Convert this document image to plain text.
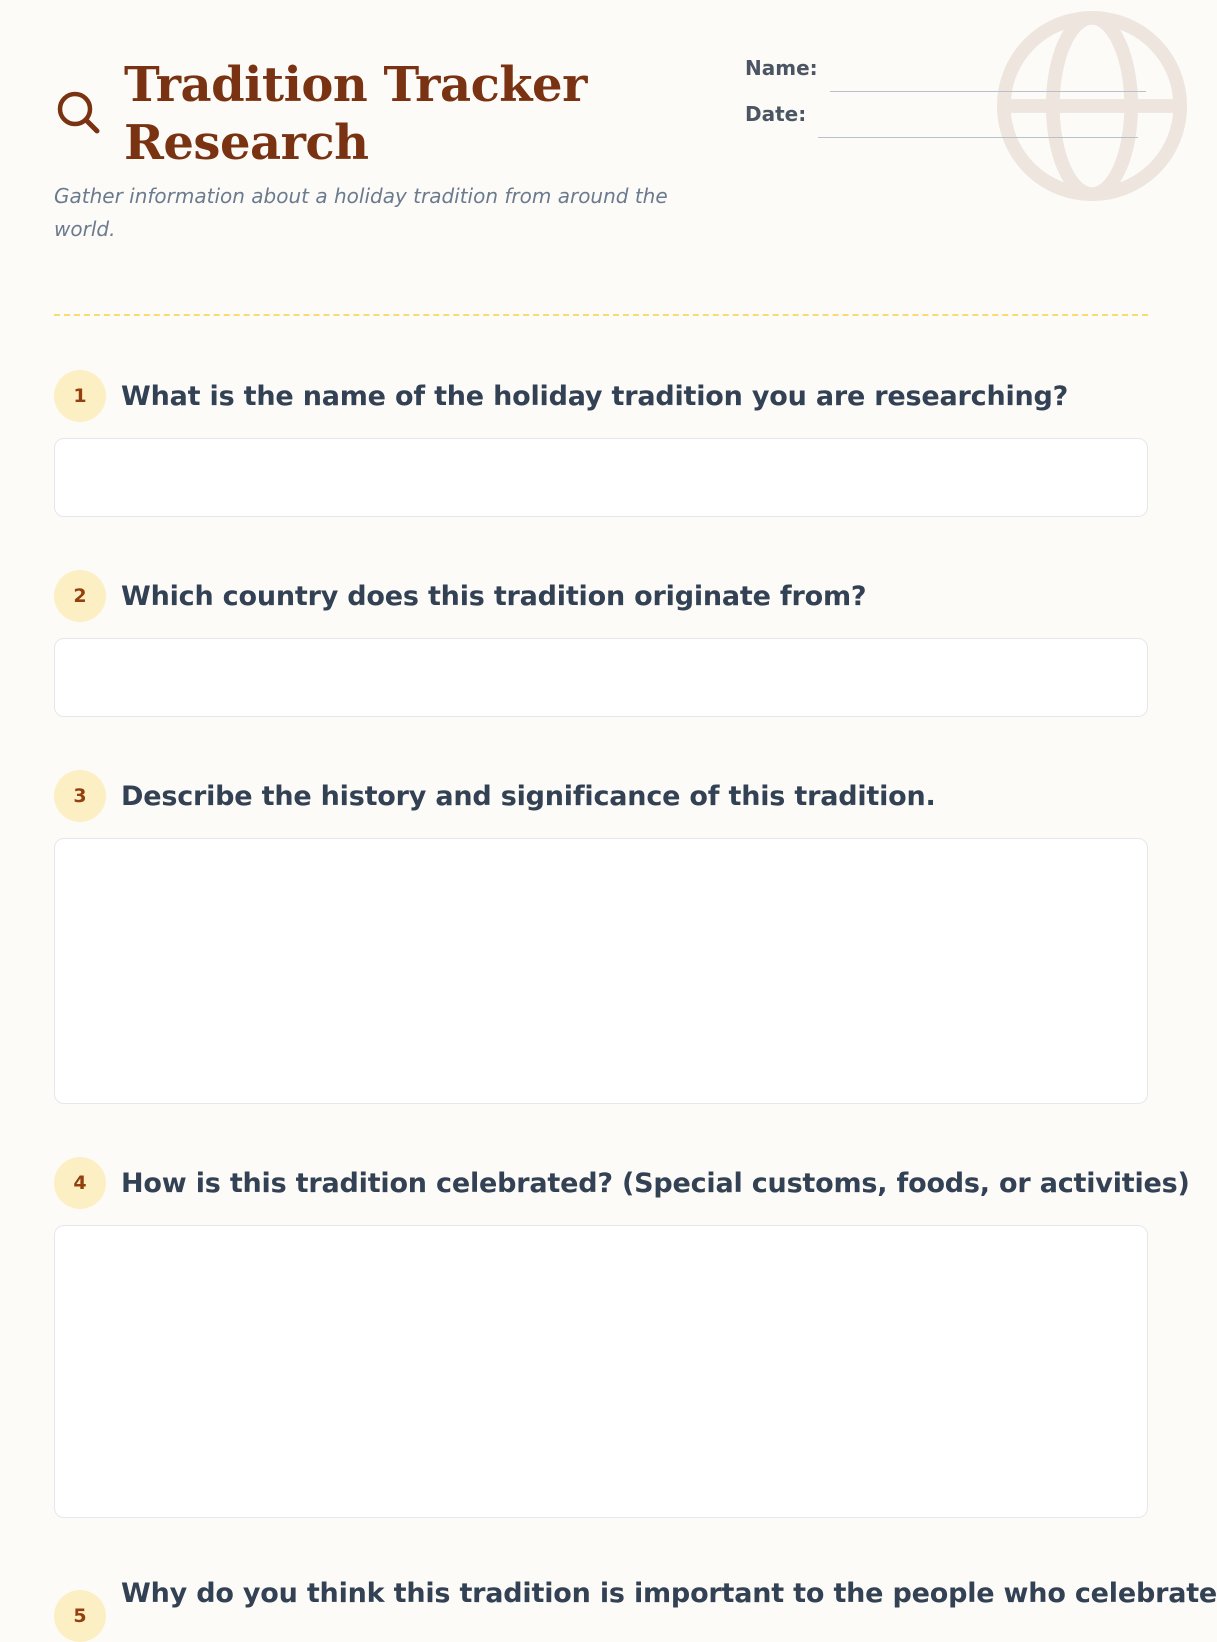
Tradition Tracker
Research

Gather information about a holiday tradition from around the world.

Name:
Date:
1	What is the name of the holiday tradition you are researching?
2	Which country does this tradition originate from?
3	Describe the history and significance of this tradition.
4	How is this tradition celebrated? (Special customs, foods, or activities)
5
Why do you think this tradition is important to the people who celebrate
